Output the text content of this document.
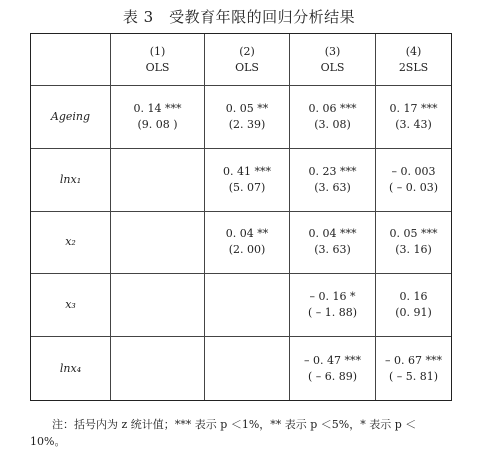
表 3　受教育年限的回归分析结果
(1)
OLS
(2)
OLS
(3)
OLS
(4)
2SLS
Ageing
0. 14 ***
(9. 08 )
0. 05 **
(2. 39)
0. 06 ***
(3. 08)
0. 17 ***
(3. 43)
lnx₁
0. 41 ***
(5. 07)
0. 23 ***
(3. 63)
– 0. 003
( – 0. 03)
x₂
0. 04 **
(2. 00)
0. 04 ***
(3. 63)
0. 05 ***
(3. 16)
x₃
– 0. 16 *
( – 1. 88)
0. 16
(0. 91)
lnx₄
– 0. 47 ***
( – 6. 89)
– 0. 67 ***
( – 5. 81)
注：括号内为 z 统计值；*** 表示 p ＜1%，** 表示 p ＜5%，* 表示 p ＜ 10%。
